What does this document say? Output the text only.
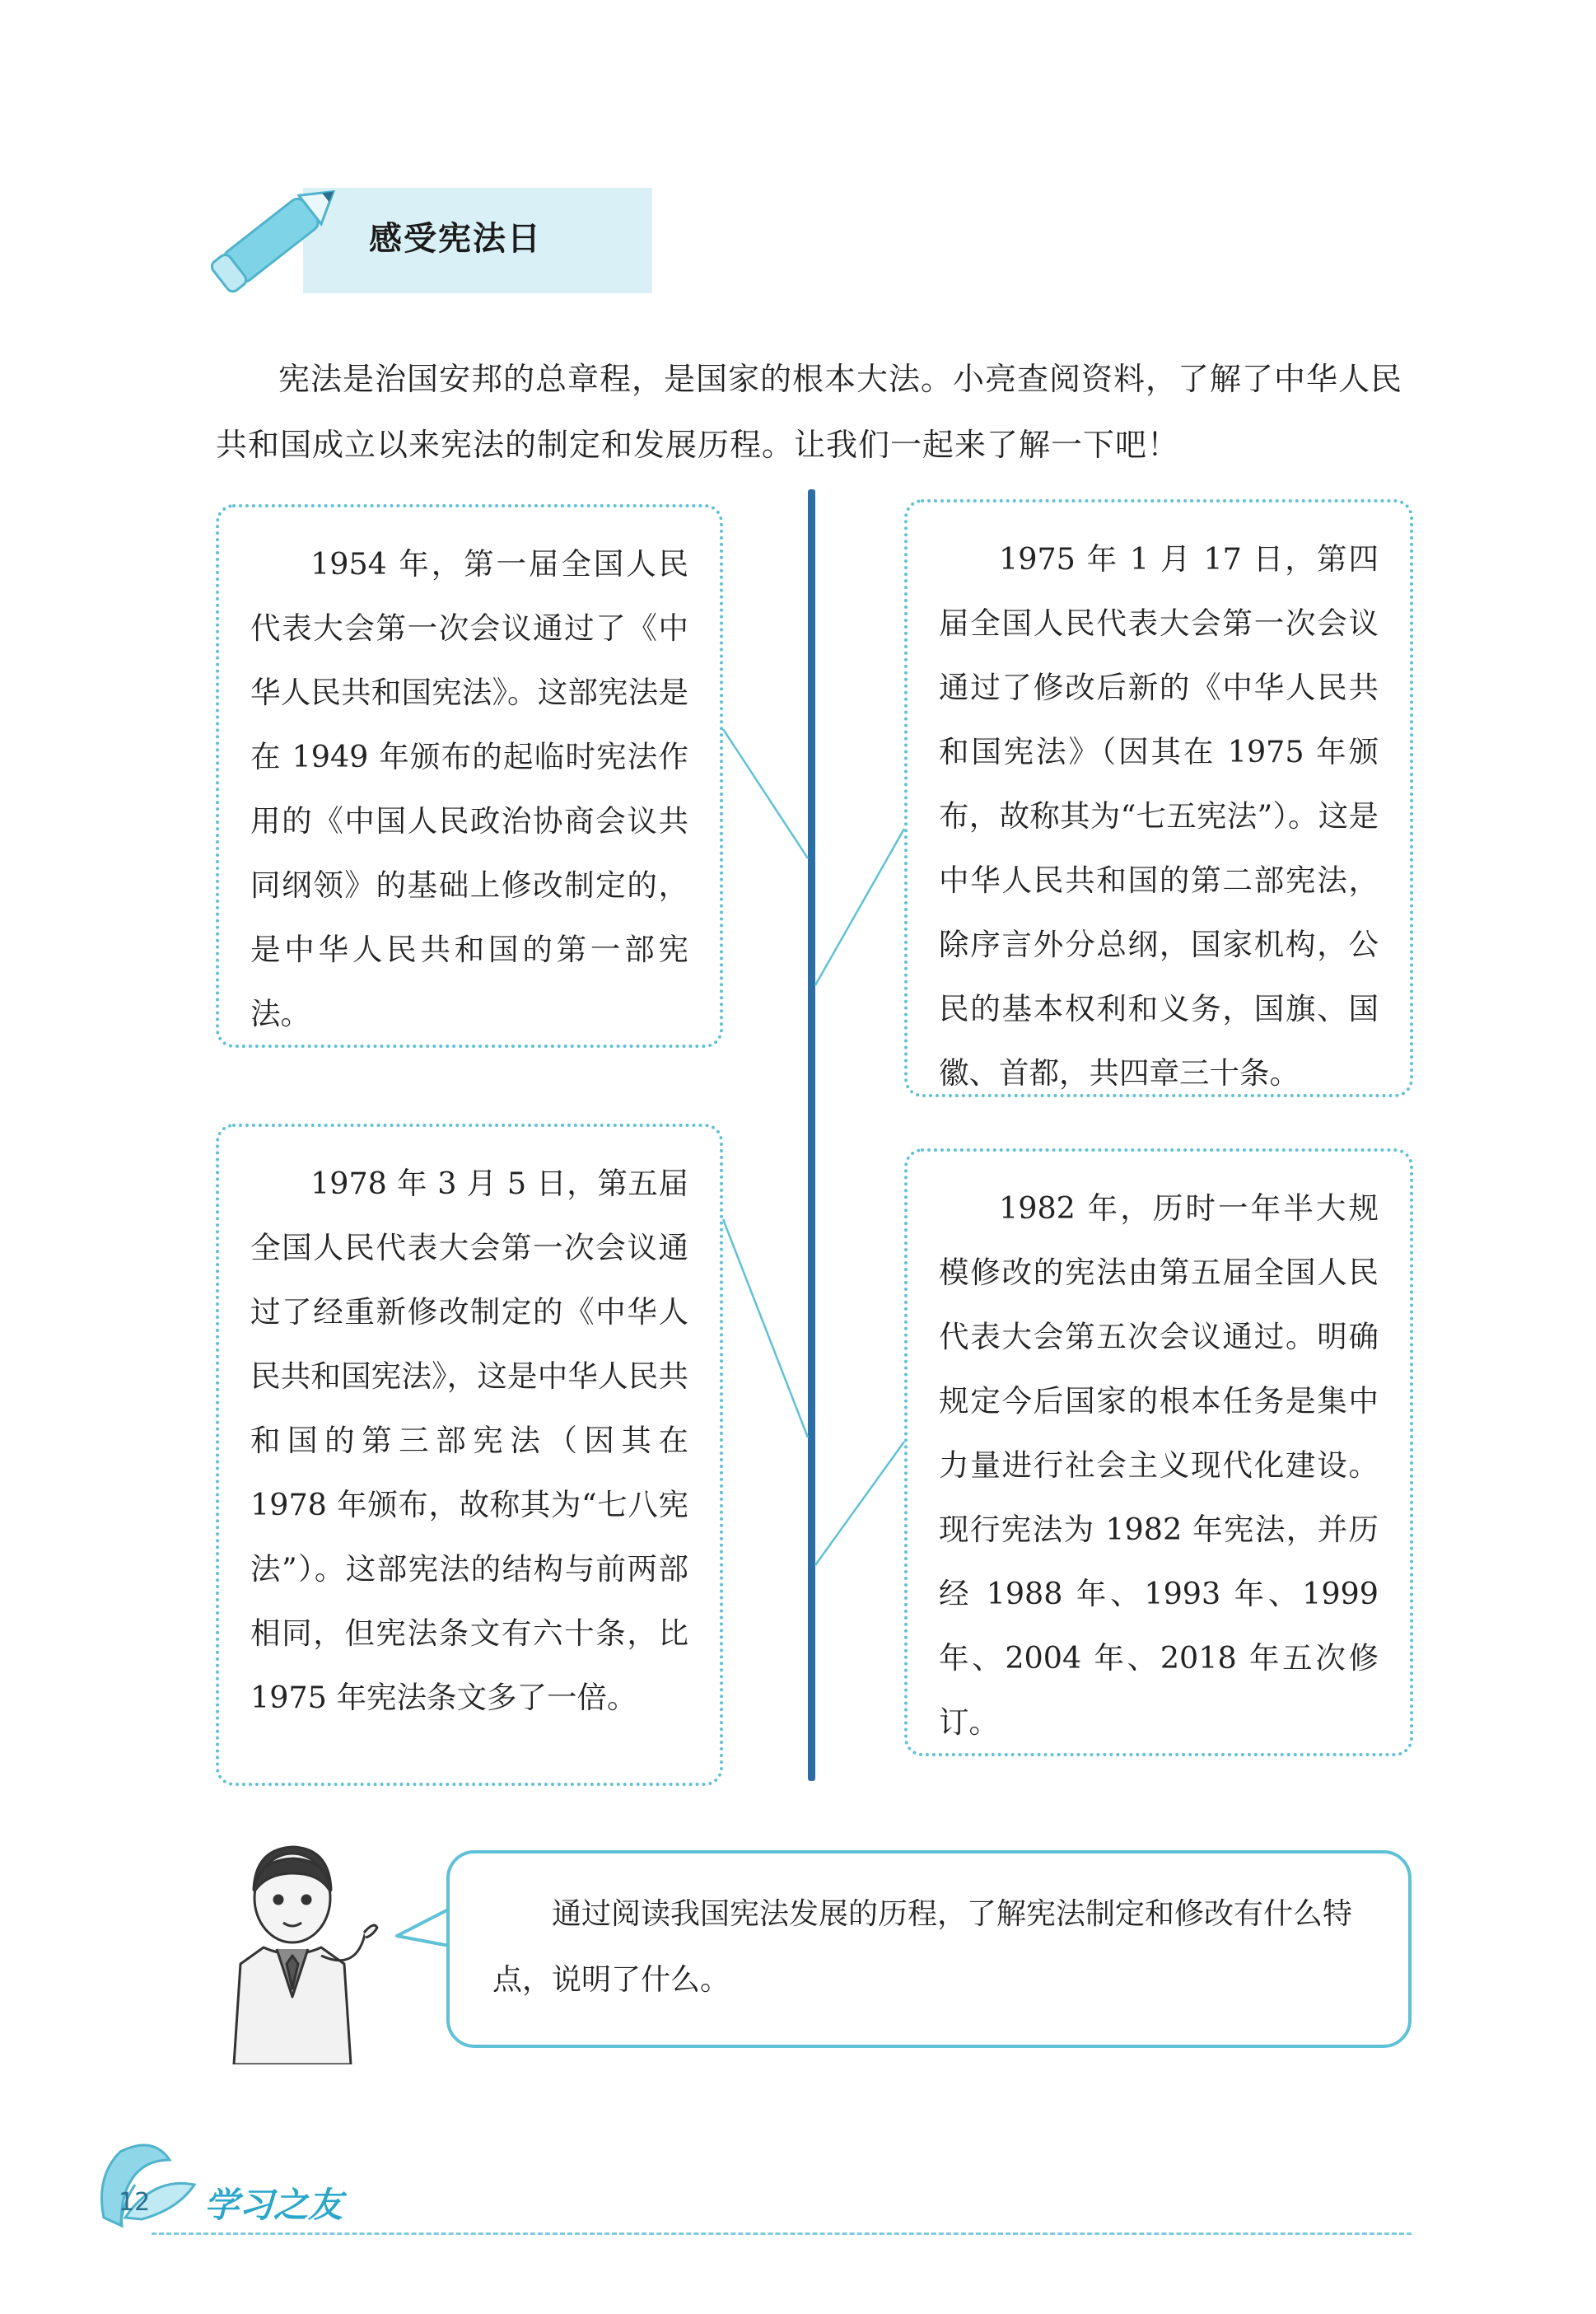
感受宪法日

宪法是治国安邦的总章程，是国家的根本大法。小亮查阅资料，了解了中华人民共和国成立以来宪法的制定和发展历程。让我们一起来了解一下吧！

1954 年，第一届全国人民代表大会第一次会议通过了《中华人民共和国宪法》。这部宪法是在 1949 年颁布的起临时宪法作用的《中国人民政治协商会议共同纲领》的基础上修改制定的，是中华人民共和国的第一部宪法。

1975 年 1 月 17 日，第四届全国人民代表大会第一次会议通过了修改后新的《中华人民共和国宪法》（因其在 1975 年颁布，故称其为“七五宪法”）。这是中华人民共和国的第二部宪法，除序言外分总纲，国家机构，公民的基本权利和义务，国旗、国徽、首都，共四章三十条。

1978 年 3 月 5 日，第五届全国人民代表大会第一次会议通过了经重新修改制定的《中华人民共和国宪法》，这是中华人民共和国的第三部宪法（因其在 1978 年颁布，故称其为“七八宪法”）。这部宪法的结构与前两部相同，但宪法条文有六十条，比 1975 年宪法条文多了一倍。

1982 年，历时一年半大规模修改的宪法由第五届全国人民代表大会第五次会议通过。明确规定今后国家的根本任务是集中力量进行社会主义现代化建设。现行宪法为 1982 年宪法，并历经 1988 年、1993 年、1999 年、2004 年、2018 年五次修订。

通过阅读我国宪法发展的历程，了解宪法制定和修改有什么特点，说明了什么。

12 学习之友
